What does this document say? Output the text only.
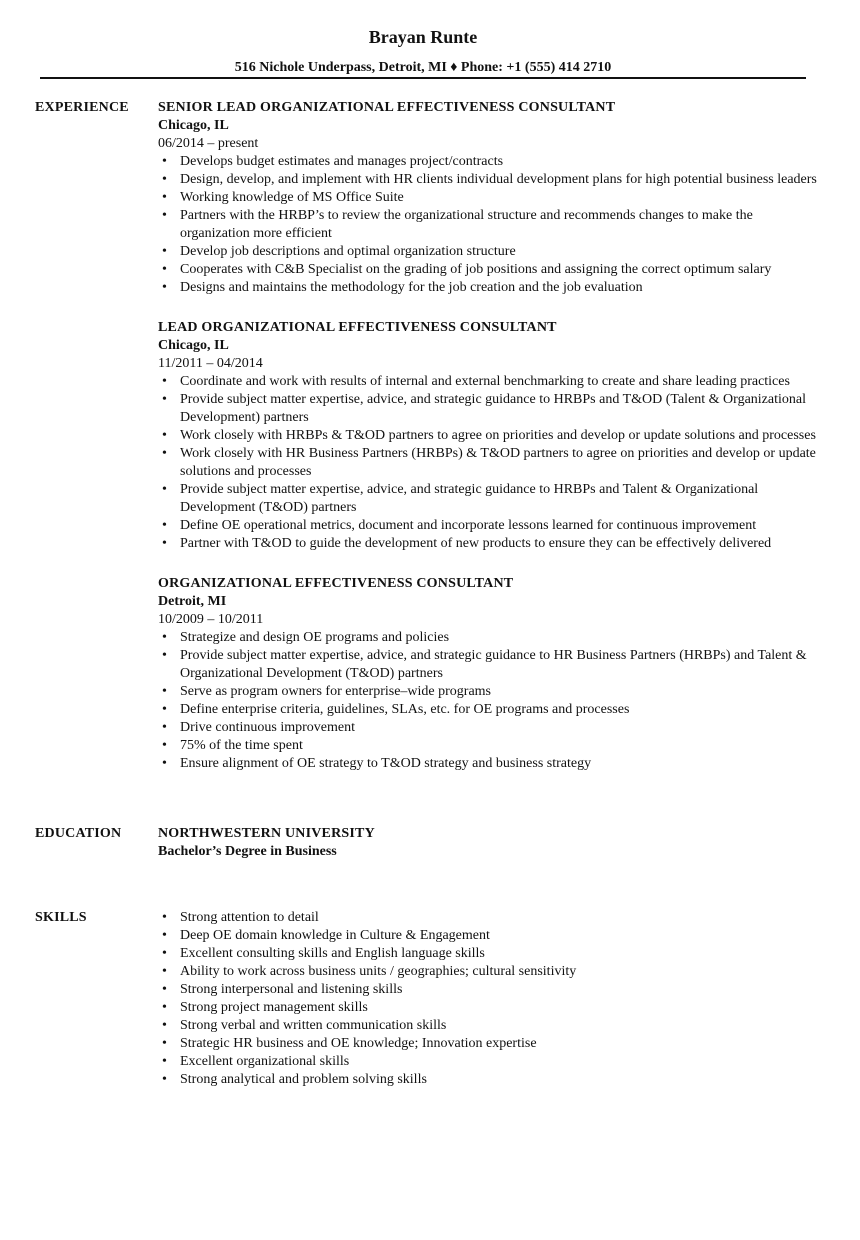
Brayan Runte
516 Nichole Underpass, Detroit, MI ♦ Phone: +1 (555) 414 2710
EXPERIENCE	SENIOR LEAD ORGANIZATIONAL EFFECTIVENESS CONSULTANT
Chicago, IL
06/2014 – present
• Develops budget estimates and manages project/contracts
• Design, develop, and implement with HR clients individual development plans for high potential business leaders
• Working knowledge of MS Office Suite
• Partners with the HRBP’s to review the organizational structure and recommends changes to make the organization more efficient
• Develop job descriptions and optimal organization structure
• Cooperates with C&B Specialist on the grading of job positions and assigning the correct optimum salary
• Designs and maintains the methodology for the job creation and the job evaluation
LEAD ORGANIZATIONAL EFFECTIVENESS CONSULTANT
Chicago, IL
11/2011 – 04/2014
• Coordinate and work with results of internal and external benchmarking to create and share leading practices
• Provide subject matter expertise, advice, and strategic guidance to HRBPs and T&OD (Talent & Organizational Development) partners
• Work closely with HRBPs & T&OD partners to agree on priorities and develop or update solutions and processes
• Work closely with HR Business Partners (HRBPs) & T&OD partners to agree on priorities and develop or update solutions and processes
• Provide subject matter expertise, advice, and strategic guidance to HRBPs and Talent & Organizational Development (T&OD) partners
• Define OE operational metrics, document and incorporate lessons learned for continuous improvement
• Partner with T&OD to guide the development of new products to ensure they can be effectively delivered
ORGANIZATIONAL EFFECTIVENESS CONSULTANT
Detroit, MI
10/2009 – 10/2011
• Strategize and design OE programs and policies
• Provide subject matter expertise, advice, and strategic guidance to HR Business Partners (HRBPs) and Talent & Organizational Development (T&OD) partners
• Serve as program owners for enterprise–wide programs
• Define enterprise criteria, guidelines, SLAs, etc. for OE programs and processes
• Drive continuous improvement
• 75% of the time spent
• Ensure alignment of OE strategy to T&OD strategy and business strategy
EDUCATION	NORTHWESTERN UNIVERSITY
Bachelor’s Degree in Business
SKILLS
•	Strong attention to detail
• Deep OE domain knowledge in Culture & Engagement
• Excellent consulting skills and English language skills
• Ability to work across business units / geographies; cultural sensitivity
• Strong interpersonal and listening skills
• Strong project management skills
• Strong verbal and written communication skills
• Strategic HR business and OE knowledge; Innovation expertise
• Excellent organizational skills
• Strong analytical and problem solving skills
